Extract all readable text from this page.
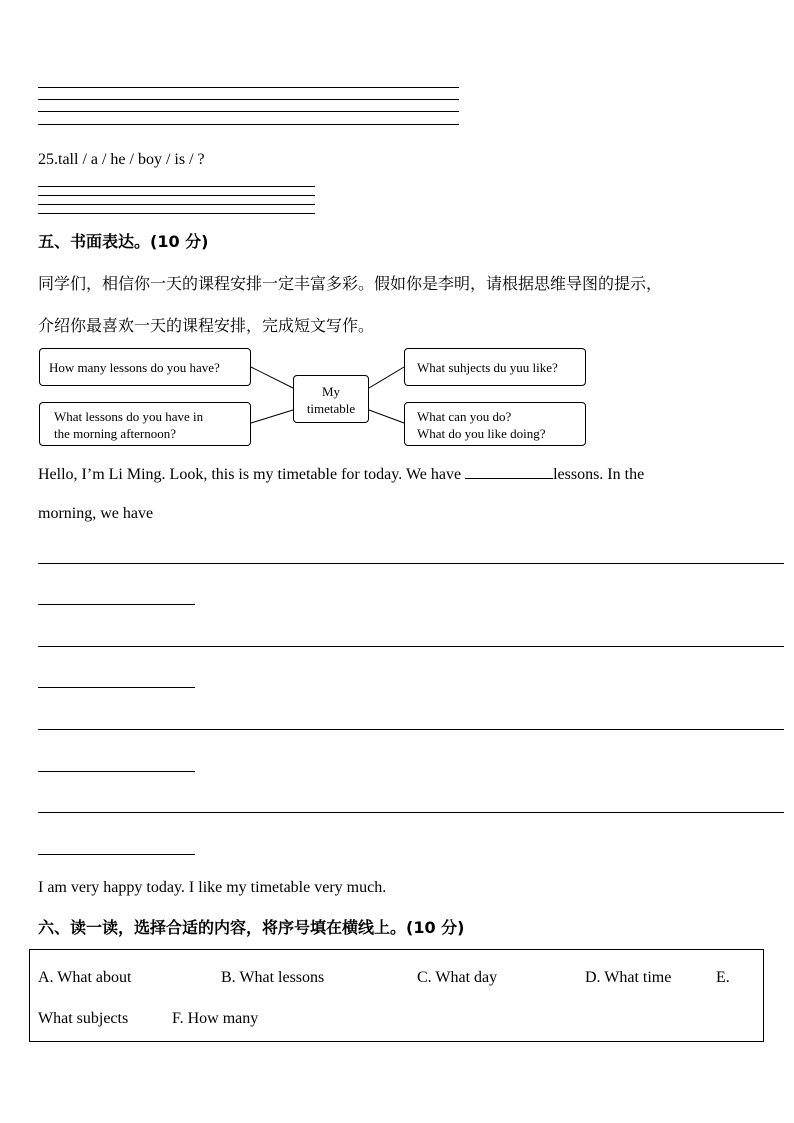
25.tall / a / he / boy / is / ?
五、书面表达。(10 分)
同学们，相信你一天的课程安排一定丰富多彩。假如你是李明，请根据思维导图的提示，
介绍你最喜欢一天的课程安排，完成短文写作。
How many lessons do you have?
What lessons do you have in
the morning afternoon?
My
timetable
What suhjects du yuu like?
What can you do?
What do you like doing?
Hello, I’m Li Ming. Look, this is my timetable for today. We have	lessons. In the
morning, we have
I am very happy today. I like my timetable very much.
六、读一读，选择合适的内容，将序号填在横线上。(10 分)
A. What about	B. What lessons	C. What day	D. What time	E.
What subjects	F. How many
